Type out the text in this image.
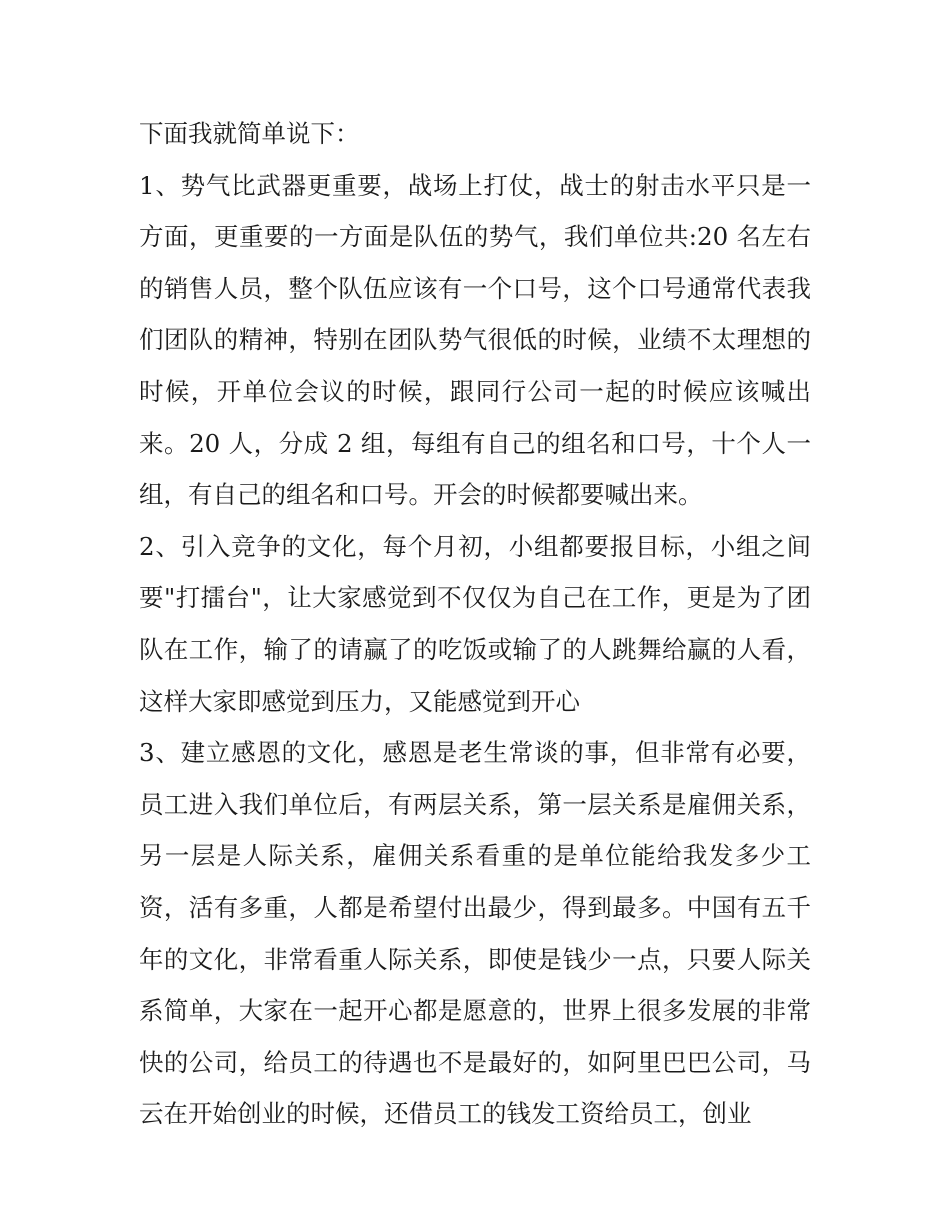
下面我就简单说下：
1、势气比武器更重要，战场上打仗，战士的射击水平只是一
方面，更重要的一方面是队伍的势气，我们单位共:20 名左右
的销售人员，整个队伍应该有一个口号，这个口号通常代表我
们团队的精神，特别在团队势气很低的时候，业绩不太理想的
时候，开单位会议的时候，跟同行公司一起的时候应该喊出
来。20 人，分成 2 组，每组有自己的组名和口号，十个人一
组，有自己的组名和口号。开会的时候都要喊出来。
2、引入竞争的文化，每个月初，小组都要报目标，小组之间
要"打擂台"，让大家感觉到不仅仅为自己在工作，更是为了团
队在工作，输了的请赢了的吃饭或输了的人跳舞给赢的人看，
这样大家即感觉到压力，又能感觉到开心
3、建立感恩的文化，感恩是老生常谈的事，但非常有必要，
员工进入我们单位后，有两层关系，第一层关系是雇佣关系，
另一层是人际关系，雇佣关系看重的是单位能给我发多少工
资，活有多重，人都是希望付出最少，得到最多。中国有五千
年的文化，非常看重人际关系，即使是钱少一点，只要人际关
系简单，大家在一起开心都是愿意的，世界上很多发展的非常
快的公司，给员工的待遇也不是最好的，如阿里巴巴公司，马
云在开始创业的时候，还借员工的钱发工资给员工，创业
